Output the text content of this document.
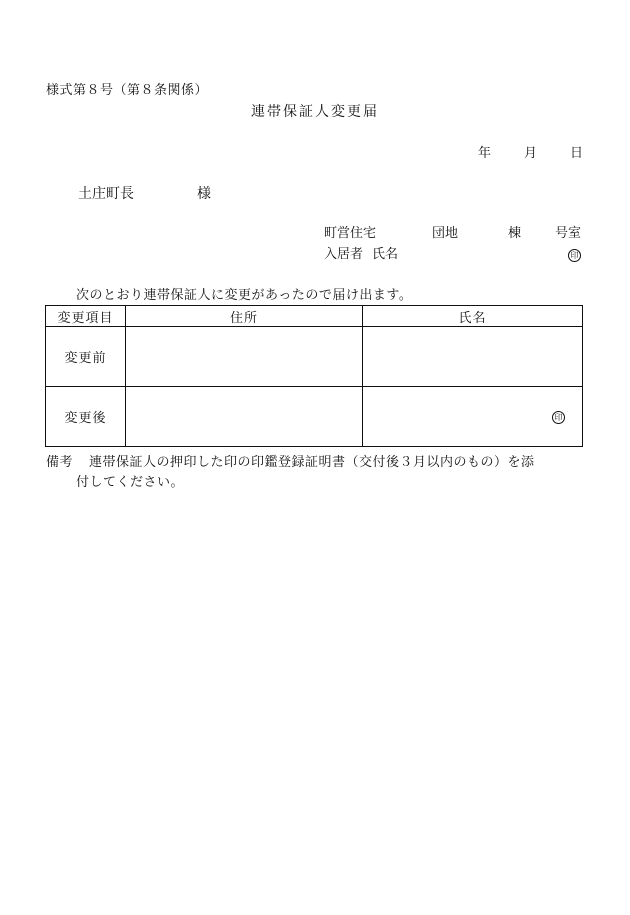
様式第８号（第８条関係）
連帯保証人変更届
年	月	日
土庄町長	様
町営住宅	団地	棟	号室
入居者 氏名	印
次のとおり連帯保証人に変更があったので届け出ます。
変更項目	住所	氏名
変更前		
変更後		印
備考 連帯保証人の押印した印の印鑑登録証明書（交付後３月以内のもの）を添
付してください。
